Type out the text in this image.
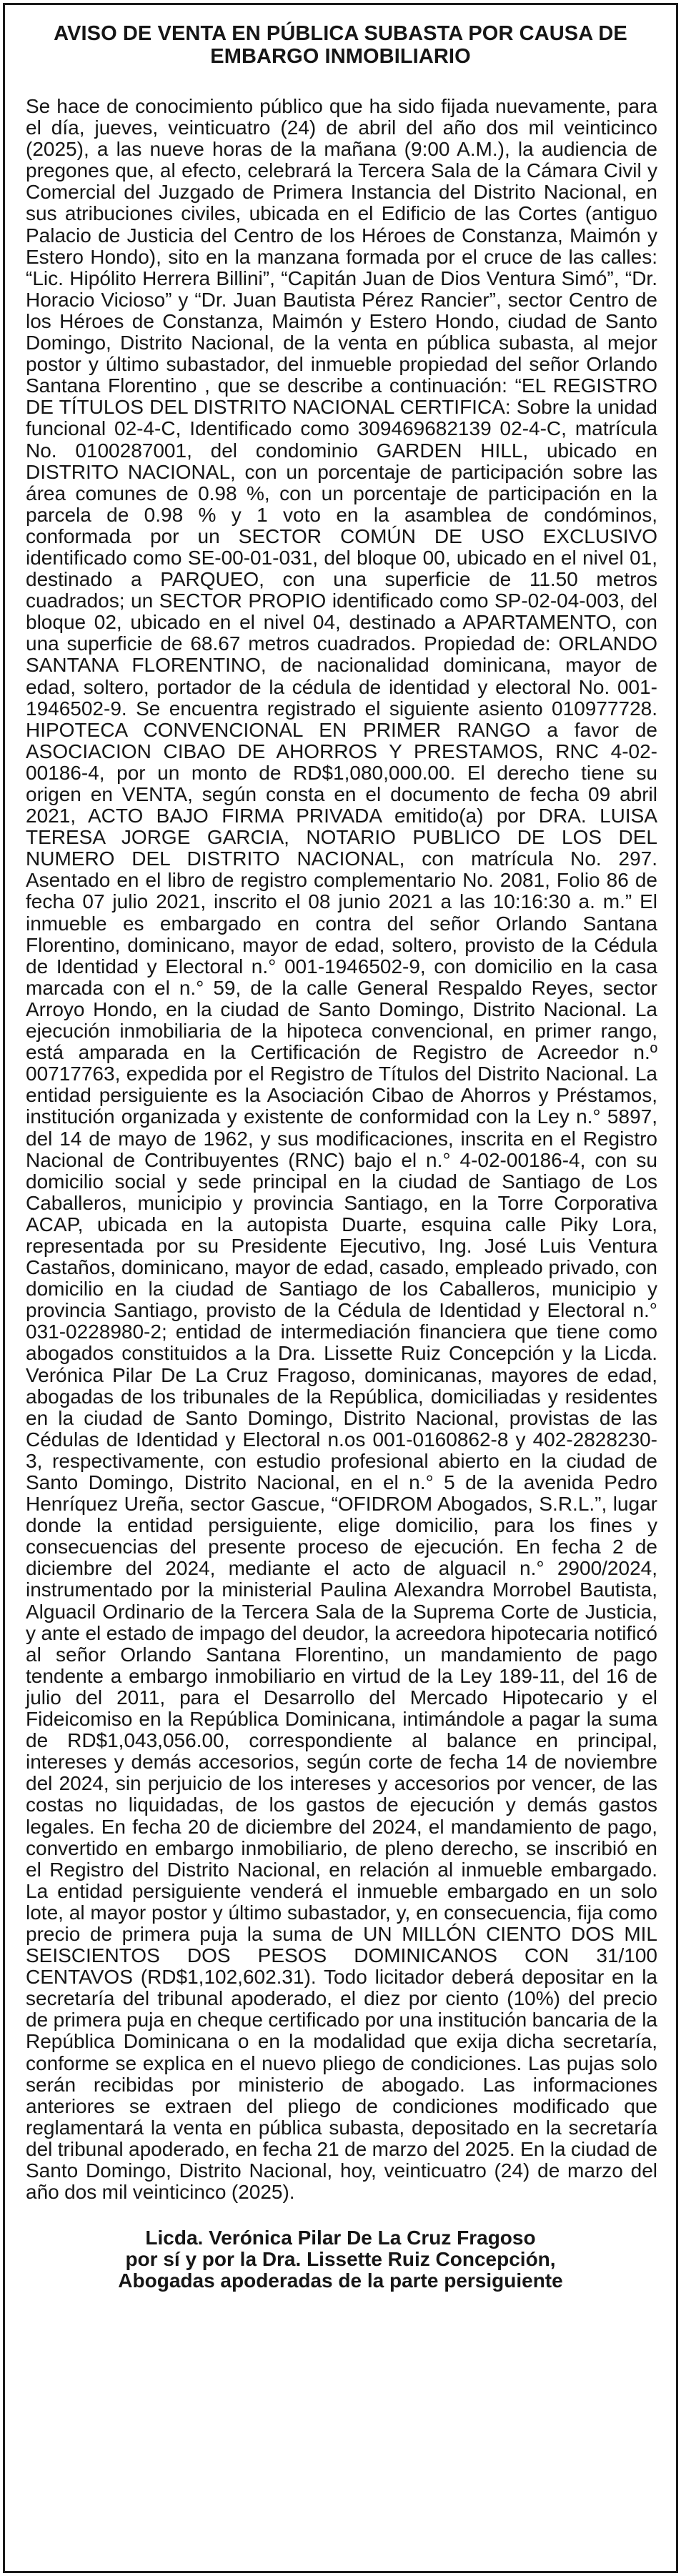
AVISO DE VENTA EN PÚBLICA SUBASTA POR CAUSA DE EMBARGO INMOBILIARIO
Se hace de conocimiento público que ha sido fijada nuevamente, para el día, jueves, veinticuatro (24) de abril del año dos mil veinticinco (2025), a las nueve horas de la mañana (9:00 A.M.), la audiencia de pregones que, al efecto, celebrará la Tercera Sala de la Cámara Civil y Comercial del Juzgado de Primera Instancia del Distrito Nacional, en sus atribuciones civiles, ubicada en el Edificio de las Cortes (antiguo Palacio de Justicia del Centro de los Héroes de Constanza, Maimón y Estero Hondo), sito en la manzana formada por el cruce de las calles: “Lic. Hipólito Herrera Billini”, “Capitán Juan de Dios Ventura Simó”, “Dr. Horacio Vicioso” y “Dr. Juan Bautista Pérez Rancier”, sector Centro de los Héroes de Constanza, Maimón y Estero Hondo, ciudad de Santo Domingo, Distrito Nacional, de la venta en pública subasta, al mejor postor y último subastador, del inmueble propiedad del señor Orlando Santana Florentino , que se describe a continuación: “EL REGISTRO DE TÍTULOS DEL DISTRITO NACIONAL CERTIFICA: Sobre la unidad funcional 02-4-C, Identificado como 309469682139 02-4-C, matrícula No. 0100287001, del condominio GARDEN HILL, ubicado en DISTRITO NACIONAL, con un porcentaje de participación sobre las área comunes de 0.98 %, con un porcentaje de participación en la parcela de 0.98 % y 1 voto en la asamblea de condóminos, conformada por un SECTOR COMÚN DE USO EXCLUSIVO identificado como SE-00-01-031, del bloque 00, ubicado en el nivel 01, destinado a PARQUEO, con una superficie de 11.50 metros cuadrados; un SECTOR PROPIO identificado como SP-02-04-003, del bloque 02, ubicado en el nivel 04, destinado a APARTAMENTO, con una superficie de 68.67 metros cuadrados. Propiedad de: ORLANDO SANTANA FLORENTINO, de nacionalidad dominicana, mayor de edad, soltero, portador de la cédula de identidad y electoral No. 001-1946502-9. Se encuentra registrado el siguiente asiento 010977728. HIPOTECA CONVENCIONAL EN PRIMER RANGO a favor de ASOCIACION CIBAO DE AHORROS Y PRESTAMOS, RNC 4-02-00186-4, por un monto de RD$1,080,000.00. El derecho tiene su origen en VENTA, según consta en el documento de fecha 09 abril 2021, ACTO BAJO FIRMA PRIVADA emitido(a) por DRA. LUISA TERESA JORGE GARCIA, NOTARIO PUBLICO DE LOS DEL NUMERO DEL DISTRITO NACIONAL, con matrícula No. 297. Asentado en el libro de registro complementario No. 2081, Folio 86 de fecha 07 julio 2021, inscrito el 08 junio 2021 a las 10:16:30 a. m.” El inmueble es embargado en contra del señor Orlando Santana Florentino, dominicano, mayor de edad, soltero, provisto de la Cédula de Identidad y Electoral n.° 001-1946502-9, con domicilio en la casa marcada con el n.° 59, de la calle General Respaldo Reyes, sector Arroyo Hondo, en la ciudad de Santo Domingo, Distrito Nacional. La ejecución inmobiliaria de la hipoteca convencional, en primer rango, está amparada en la Certificación de Registro de Acreedor n.º 00717763, expedida por el Registro de Títulos del Distrito Nacional. La entidad persiguiente es la Asociación Cibao de Ahorros y Préstamos, institución organizada y existente de conformidad con la Ley n.° 5897, del 14 de mayo de 1962, y sus modificaciones, inscrita en el Registro Nacional de Contribuyentes (RNC) bajo el n.° 4-02-00186-4, con su domicilio social y sede principal en la ciudad de Santiago de Los Caballeros, municipio y provincia Santiago, en la Torre Corporativa ACAP, ubicada en la autopista Duarte, esquina calle Piky Lora, representada por su Presidente Ejecutivo, Ing. José Luis Ventura Castaños, dominicano, mayor de edad, casado, empleado privado, con domicilio en la ciudad de Santiago de los Caballeros, municipio y provincia Santiago, provisto de la Cédula de Identidad y Electoral n.° 031-0228980-2; entidad de intermediación financiera que tiene como abogados constituidos a la Dra. Lissette Ruiz Concepción y la Licda. Verónica Pilar De La Cruz Fragoso, dominicanas, mayores de edad, abogadas de los tribunales de la República, domiciliadas y residentes en la ciudad de Santo Domingo, Distrito Nacional, provistas de las Cédulas de Identidad y Electoral n.os 001-0160862-8 y 402-2828230-3, respectivamente, con estudio profesional abierto en la ciudad de Santo Domingo, Distrito Nacional, en el n.° 5 de la avenida Pedro Henríquez Ureña, sector Gascue, “OFIDROM Abogados, S.R.L.”, lugar donde la entidad persiguiente, elige domicilio, para los fines y consecuencias del presente proceso de ejecución. En fecha 2 de diciembre del 2024, mediante el acto de alguacil n.° 2900/2024, instrumentado por la ministerial Paulina Alexandra Morrobel Bautista, Alguacil Ordinario de la Tercera Sala de la Suprema Corte de Justicia, y ante el estado de impago del deudor, la acreedora hipotecaria notificó al señor Orlando Santana Florentino, un mandamiento de pago tendente a embargo inmobiliario en virtud de la Ley 189-11, del 16 de julio del 2011, para el Desarrollo del Mercado Hipotecario y el Fideicomiso en la República Dominicana, intimándole a pagar la suma de RD$1,043,056.00, correspondiente al balance en principal, intereses y demás accesorios, según corte de fecha 14 de noviembre del 2024, sin perjuicio de los intereses y accesorios por vencer, de las costas no liquidadas, de los gastos de ejecución y demás gastos legales. En fecha 20 de diciembre del 2024, el mandamiento de pago, convertido en embargo inmobiliario, de pleno derecho, se inscribió en el Registro del Distrito Nacional, en relación al inmueble embargado. La entidad persiguiente venderá el inmueble embargado en un solo lote, al mayor postor y último subastador, y, en consecuencia, fija como precio de primera puja la suma de UN MILLÓN CIENTO DOS MIL SEISCIENTOS DOS PESOS DOMINICANOS CON 31/100 CENTAVOS (RD$1,102,602.31). Todo licitador deberá depositar en la secretaría del tribunal apoderado, el diez por ciento (10%) del precio de primera puja en cheque certificado por una institución bancaria de la República Dominicana o en la modalidad que exija dicha secretaría, conforme se explica en el nuevo pliego de condiciones. Las pujas solo serán recibidas por ministerio de abogado. Las informaciones anteriores se extraen del pliego de condiciones modificado que reglamentará la venta en pública subasta, depositado en la secretaría del tribunal apoderado, en fecha 21 de marzo del 2025. En la ciudad de Santo Domingo, Distrito Nacional, hoy, veinticuatro (24) de marzo del año dos mil veinticinco (2025).
Licda. Verónica Pilar De La Cruz Fragoso
por sí y por la Dra. Lissette Ruiz Concepción,
Abogadas apoderadas de la parte persiguiente
